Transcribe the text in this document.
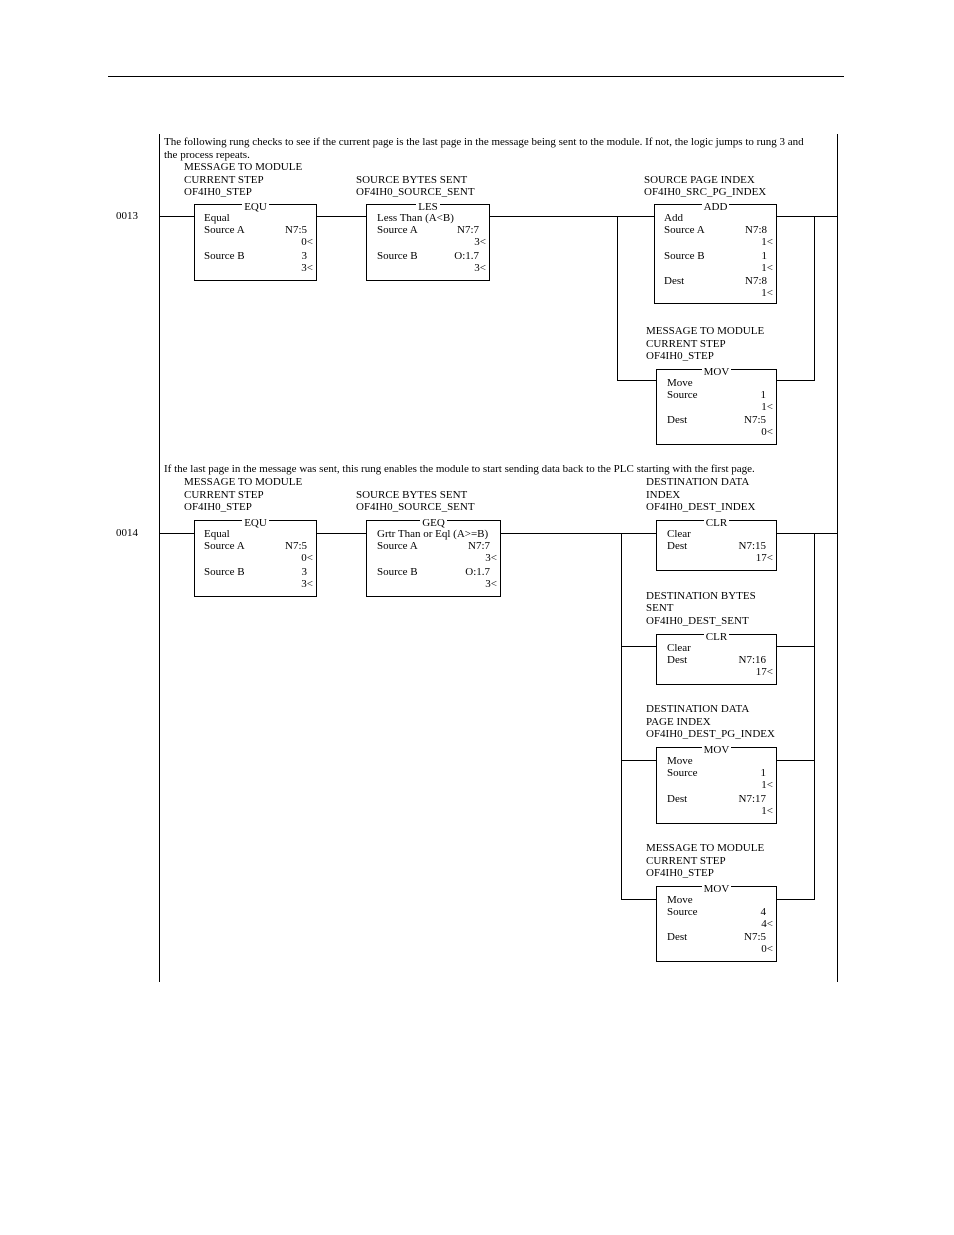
The following rung checks to see if the current page is the last page in the message being sent to the module. If not, the logic jumps to rung 3 and
the process repeats.
0013
MESSAGE TO MODULE
CURRENT STEP
OF4IH0_STEP
EQU
Equal
Source A	N7:5
0<
Source B	3
3<
SOURCE BYTES SENT
OF4IH0_SOURCE_SENT
LES
Less Than (A<B)
Source A	N7:7
3<
Source B	O:1.7
3<
SOURCE PAGE INDEX
OF4IH0_SRC_PG_INDEX
ADD
Add
Source A	N7:8
1<
Source B	1
1<
Dest	N7:8
1<
MESSAGE TO MODULE
CURRENT STEP
OF4IH0_STEP
MOV
Move
Source	1
1<
Dest	N7:5
0<
If the last page in the message was sent, this rung enables the module to start sending data back to the PLC starting with the first page.
0014
MESSAGE TO MODULE
CURRENT STEP
OF4IH0_STEP
EQU
Equal
Source A	N7:5
0<
Source B	3
3<
SOURCE BYTES SENT
OF4IH0_SOURCE_SENT
GEQ
Grtr Than or Eql (A>=B)
Source A	N7:7
3<
Source B	O:1.7
3<
DESTINATION DATA
INDEX
OF4IH0_DEST_INDEX
CLR
Clear
Dest	N7:15
17<
DESTINATION BYTES
SENT
OF4IH0_DEST_SENT
CLR
Clear
Dest	N7:16
17<
DESTINATION DATA
PAGE INDEX
OF4IH0_DEST_PG_INDEX
MOV
Move
Source	1
1<
Dest	N7:17
1<
MESSAGE TO MODULE
CURRENT STEP
OF4IH0_STEP
MOV
Move
Source	4
4<
Dest	N7:5
0<
